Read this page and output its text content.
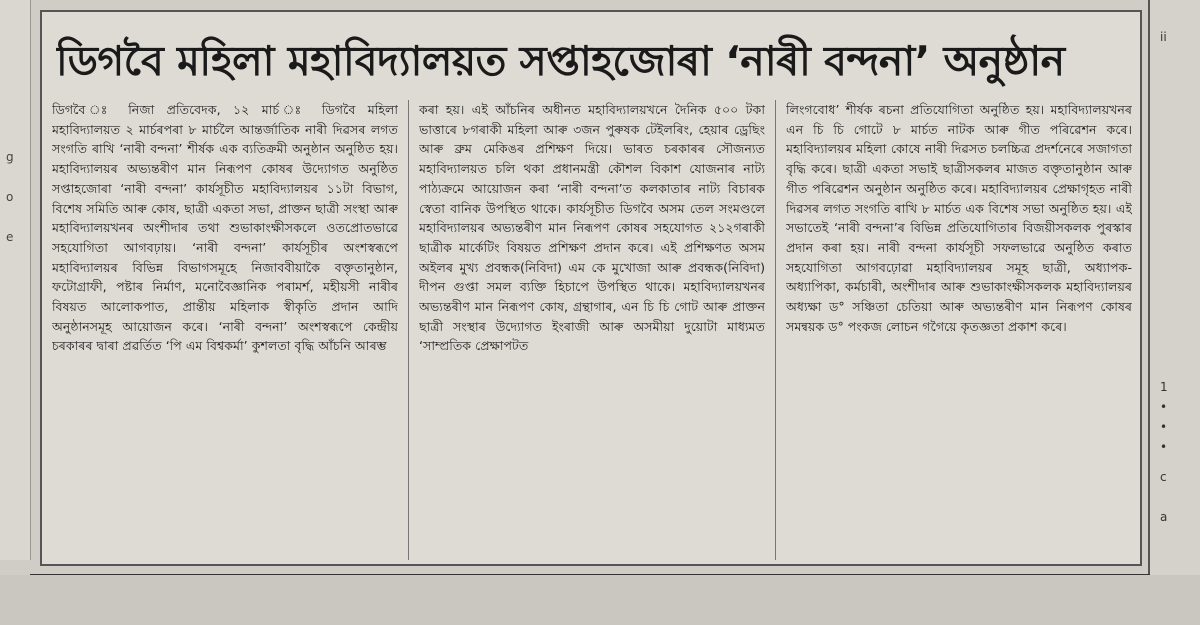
g
o
e
ii
1
•
•
•
c
a
ডিগবৈ মহিলা মহাবিদ্যালয়ত সপ্তাহজোৰা ‘নাৰী বন্দনা’ অনুষ্ঠান
ডিগবৈ ঃ নিজা প্রতিবেদক, ১২ মার্চ ঃ ডিগবৈ মহিলা মহাবিদ্যালয়ত ২ মার্চৰপৰা ৮ মার্চলৈ আন্তৰ্জাতিক নাৰী দিৱসৰ লগত সংগতি ৰাখি ‘নাৰী বন্দনা’ শীৰ্ষক এক ব্যতিক্ৰমী অনুষ্ঠান অনুষ্ঠিত হয়। মহাবিদ্যালয়ৰ অভ্যন্তৰীণ মান নিৰূপণ কোষৰ উদ্যোগত অনুষ্ঠিত সপ্তাহজোৰা ‘নাৰী বন্দনা’ কাৰ্যসূচীত মহাবিদ্যালয়ৰ ১১টা বিভাগ, বিশেষ সমিতি আৰু কোষ, ছাত্ৰী একতা সভা, প্ৰাক্তন ছাত্ৰী সংস্থা আৰু মহাবিদ্যালয়খনৰ অংশীদাৰ তথা শুভাকাংক্ষীসকলে ওতপ্ৰোতভাৱে সহযোগিতা আগবঢ়ায়। ‘নাৰী বন্দনা’ কাৰ্যসূচীৰ অংশস্বৰূপে মহাবিদ্যালয়ৰ বিভিন্ন বিভাগসমূহে নিজাববীয়াকৈ বক্তৃতানুষ্ঠান, ফটোগ্ৰাফী, পষ্টাৰ নিৰ্মাণ, মনোবৈজ্ঞানিক পৰামৰ্শ, মহীয়সী নাৰীৰ বিষয়ত আলোকপাত, প্ৰান্তীয় মহিলাক স্বীকৃতি প্ৰদান আদি অনুষ্ঠানসমূহ আয়োজন কৰে। ‘নাৰী বন্দনা’ অংশস্বৰূপে কেন্দ্ৰীয় চৰকাৰৰ দ্বাৰা প্ৰৱৰ্তিত ‘পি এম বিশ্বকৰ্মা’ কুশলতা বৃদ্ধি আঁচনি আৰম্ভ
কৰা হয়। এই আঁচনিৰ অধীনত মহাবিদ্যালয়খনে দৈনিক ৫০০ টকা ভাত্তাৰে ৮গৰাকী মহিলা আৰু ৩জন পুৰুষক টেইলৰিং, হেয়াৰ ড্ৰেছিং আৰু ব্ৰুম মেকিঙৰ প্ৰশিক্ষণ দিয়ে। ভাৰত চৰকাৰৰ সৌজন্যত মহাবিদ্যালয়ত চলি থকা প্ৰধানমন্ত্ৰী কৌশল বিকাশ যোজনাৰ নাট্য পাঠ্যক্ৰমে আয়োজন কৰা ‘নাৰী বন্দনা’ত কলকাতাৰ নাট্য বিচাৰক স্বেতা বানিক উপস্থিত থাকে। কাৰ্যসূচীত ডিগবৈ অসম তেল সংমণ্ডলে মহাবিদ্যালয়ৰ অভ্যন্তৰীণ মান নিৰূপণ কোষৰ সহযোগত ২১২গৰাকী ছাত্ৰীক মাৰ্কেটিং বিষয়ত প্ৰশিক্ষণ প্ৰদান কৰে। এই প্ৰশিক্ষণত অসম অইলৰ মুখ্য প্ৰবন্ধক(নিবিদা) এম কে মুখোজা আৰু প্ৰবন্ধক(নিবিদা) দীপন গুপ্তা সমল ব্যক্তি হিচাপে উপস্থিত থাকে। মহাবিদ্যালয়খনৰ অভ্যন্তৰীণ মান নিৰূপণ কোষ, গ্ৰন্থাগাৰ, এন চি চি গোট আৰু প্ৰাক্তন ছাত্ৰী সংস্থাৰ উদ্যোগত ইংৰাজী আৰু অসমীয়া দুয়োটা মাধ্যমত ‘সাম্প্ৰতিক প্ৰেক্ষাপটত
লিংগবোধ’ শীৰ্ষক ৰচনা প্ৰতিযোগিতা অনুষ্ঠিত হয়। মহাবিদ্যালয়খনৰ এন চি চি গোটে ৮ মাৰ্চত নাটক আৰু গীত পৰিৱেশন কৰে। মহাবিদ্যালয়ৰ মহিলা কোষে নাৰী দিৱসত চলচ্চিত্ৰ প্ৰদৰ্শনেৰে সজাগতা বৃদ্ধি কৰে। ছাত্ৰী একতা সভাই ছাত্ৰীসকলৰ মাজত বক্তৃতানুষ্ঠান আৰু গীত পৰিৱেশন অনুষ্ঠান অনুষ্ঠিত কৰে। মহাবিদ্যালয়ৰ প্ৰেক্ষাগৃহত নাৰী দিৱসৰ লগত সংগতি ৰাখি ৮ মাৰ্চত এক বিশেষ সভা অনুষ্ঠিত হয়। এই সভাতেই ‘নাৰী বন্দনা’ৰ বিভিন্ন প্ৰতিযোগিতাৰ বিজয়ীসকলক পুৰস্কাৰ প্ৰদান কৰা হয়। নাৰী বন্দনা কাৰ্যসূচী সফলভাৱে অনুষ্ঠিত কৰাত সহযোগিতা আগবঢ়োৱা মহাবিদ্যালয়ৰ সমূহ ছাত্ৰী, অধ্যাপক-অধ্যাপিকা, কৰ্মচাৰী, অংশীদাৰ আৰু শুভাকাংক্ষীসকলক মহাবিদ্যালয়ৰ অধ্যক্ষা ড° সঞ্চিতা চেতিয়া আৰু অভ্যন্তৰীণ মান নিৰূপণ কোষৰ সমন্বয়ক ড° পংকজ লোচন গগৈয়ে কৃতজ্ঞতা প্ৰকাশ কৰে।
